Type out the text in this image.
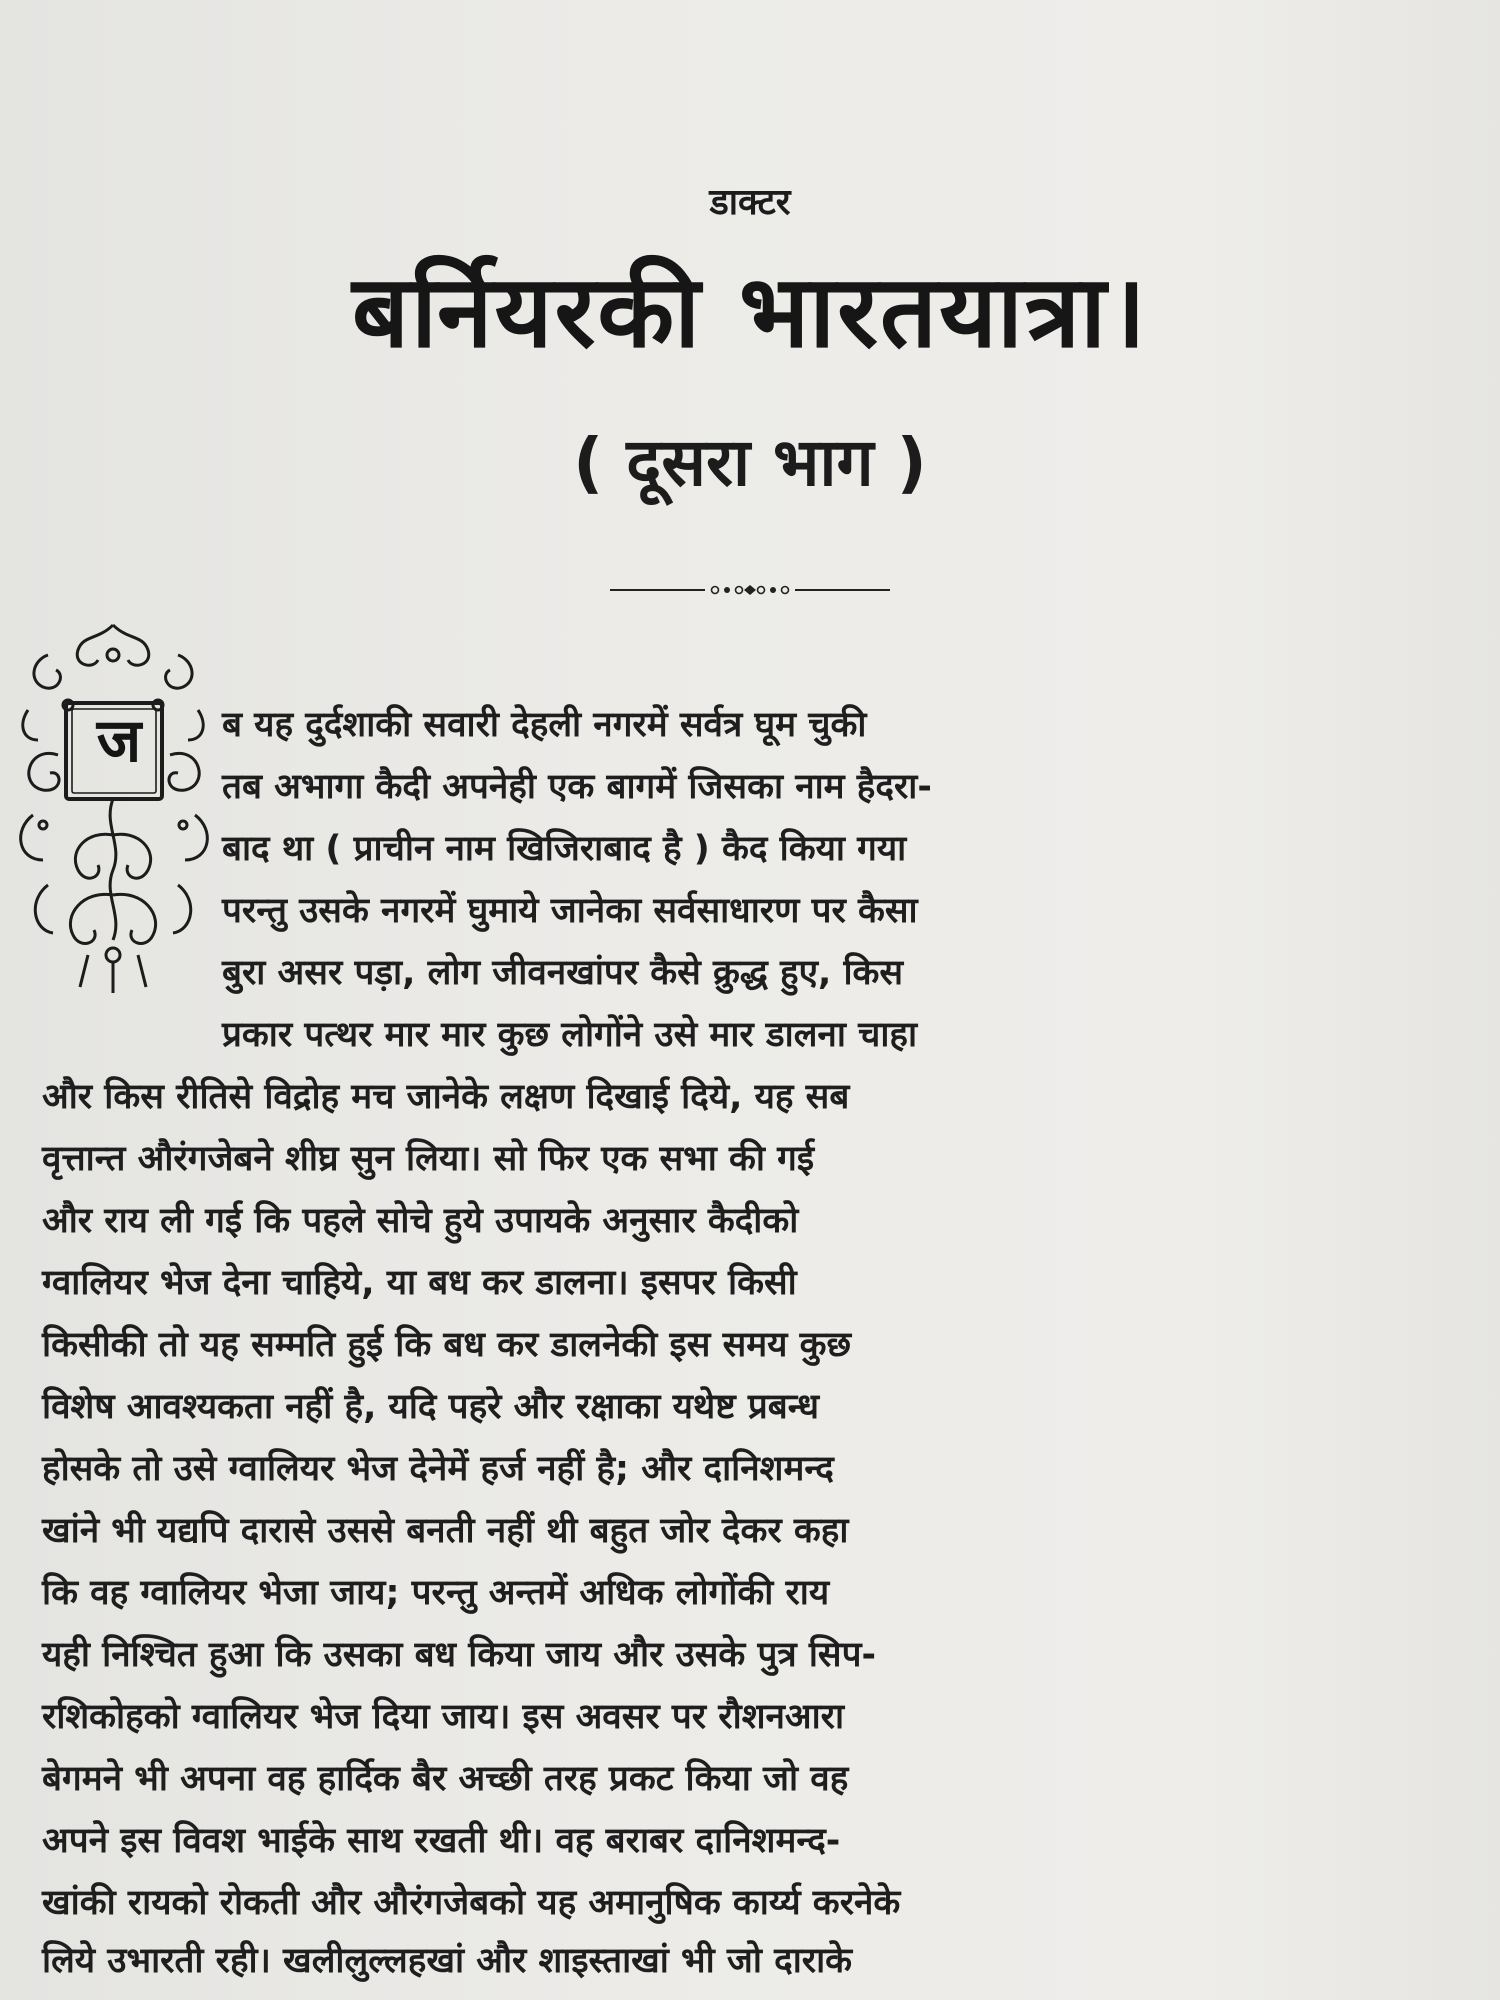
डाक्टर
बर्नियरकी भारतयात्रा।
( दूसरा भाग )
ज	ब यह दुर्दशाकी सवारी देहली नगरमें सर्वत्र घूम चुकी
तब अभागा कैदी अपनेही एक बागमें जिसका नाम हैदरा-
बाद था ( प्राचीन नाम खिजिराबाद है ) कैद किया गया
परन्तु उसके नगरमें घुमाये जानेका सर्वसाधारण पर कैसा
बुरा असर पड़ा, लोग जीवनखांपर कैसे क्रुद्ध हुए, किस
प्रकार पत्थर मार मार कुछ लोगोंने उसे मार डालना चाहा
और किस रीतिसे विद्रोह मच जानेके लक्षण दिखाई दिये, यह सब
वृत्तान्त औरंगजेबने शीघ्र सुन लिया। सो फिर एक सभा की गई
और राय ली गई कि पहले सोचे हुये उपायके अनुसार कैदीको
ग्वालियर भेज देना चाहिये, या बध कर डालना। इसपर किसी
किसीकी तो यह सम्मति हुई कि बध कर डालनेकी इस समय कुछ
विशेष आवश्यकता नहीं है, यदि पहरे और रक्षाका यथेष्ट प्रबन्ध
होसके तो उसे ग्वालियर भेज देनेमें हर्ज नहीं है; और दानिशमन्द
खांने भी यद्यपि दारासे उससे बनती नहीं थी बहुत जोर देकर कहा
कि वह ग्वालियर भेजा जाय; परन्तु अन्तमें अधिक लोगोंकी राय
यही निश्चित हुआ कि उसका बध किया जाय और उसके पुत्र सिप-
रशिकोहको ग्वालियर भेज दिया जाय। इस अवसर पर रौशनआरा
बेगमने भी अपना वह हार्दिक बैर अच्छी तरह प्रकट किया जो वह
अपने इस विवश भाईके साथ रखती थी। वह बराबर दानिशमन्द-
खांकी रायको रोकती और औरंगजेबको यह अमानुषिक कार्य्य करनेके
लिये उभारती रही। खलीलुल्लहखां और शाइस्ताखां भी जो दाराके
